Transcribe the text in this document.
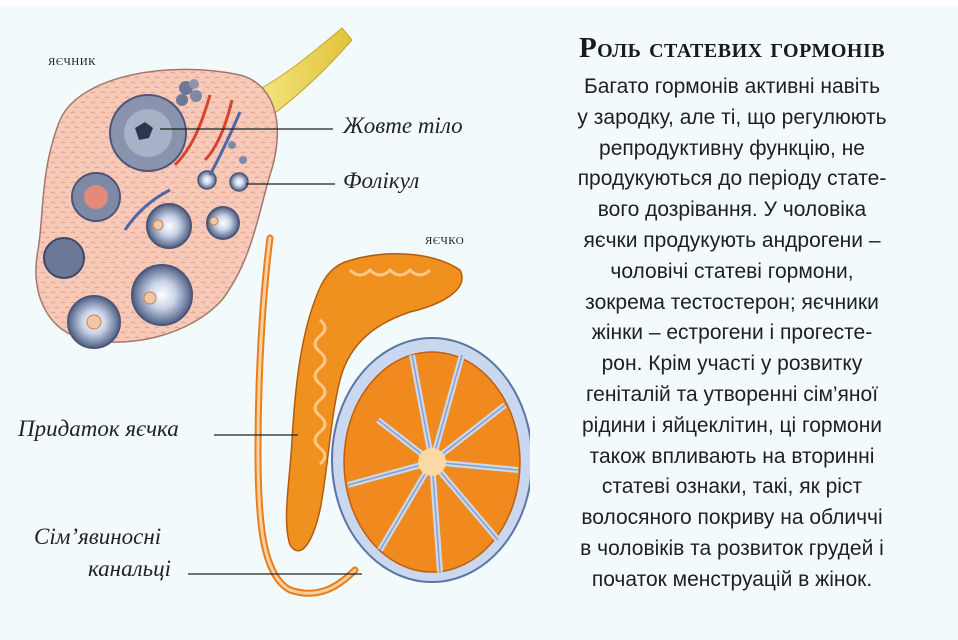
яєчник
яєчко
Жовте тіло
Фолікул
Придаток яєчка
Сім’явиносні
канальці
Роль статевих гормонів
Багато гормонів активні навіть
у зародку, але ті, що регулюють
репродуктивну функцію, не
продукуються до періоду стате-
вого дозрівання. У чоловіка
яєчки продукують андрогени –
чоловічі статеві гормони,
зокрема тестостерон; яєчники
жінки – естрогени і прогесте-
рон. Крім участі у розвитку
геніталій та утворенні сім’яної
рідини і яйцеклітин, ці гормони
також впливають на вторинні
статеві ознаки, такі, як ріст
волосяного покриву на обличчі
в чоловіків та розвиток грудей і
початок менструацій в жінок.
